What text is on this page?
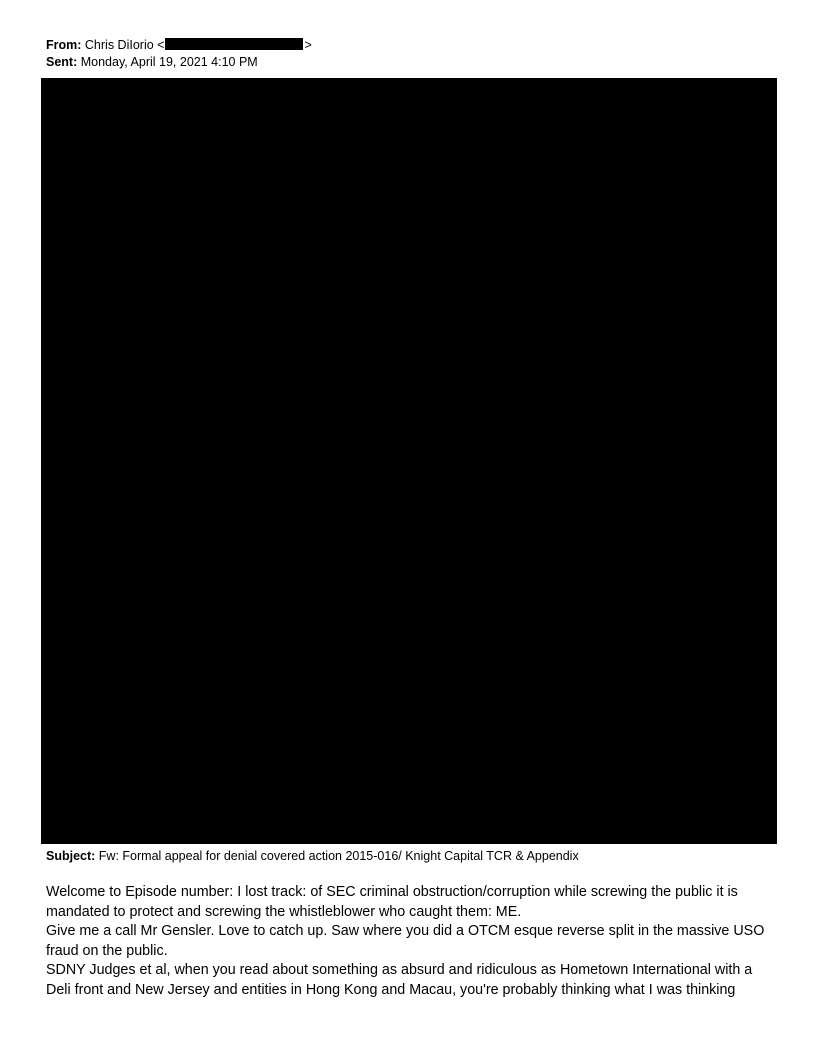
From: Chris DiIorio <	>
Sent: Monday, April 19, 2021 4:10 PM
Subject: Fw: Formal appeal for denial covered action 2015-016/ Knight Capital TCR & Appendix

Welcome to Episode number: I lost track: of SEC criminal obstruction/corruption while screwing the public it is mandated to protect and screwing the whistleblower who caught them: ME.

Give me a call Mr Gensler. Love to catch up. Saw where you did a OTCM esque reverse split in the massive USO fraud on the public.

SDNY Judges et al, when you read about something as absurd and ridiculous as Hometown International with a Deli front and New Jersey and entities in Hong Kong and Macau, you're probably thinking what I was thinking
